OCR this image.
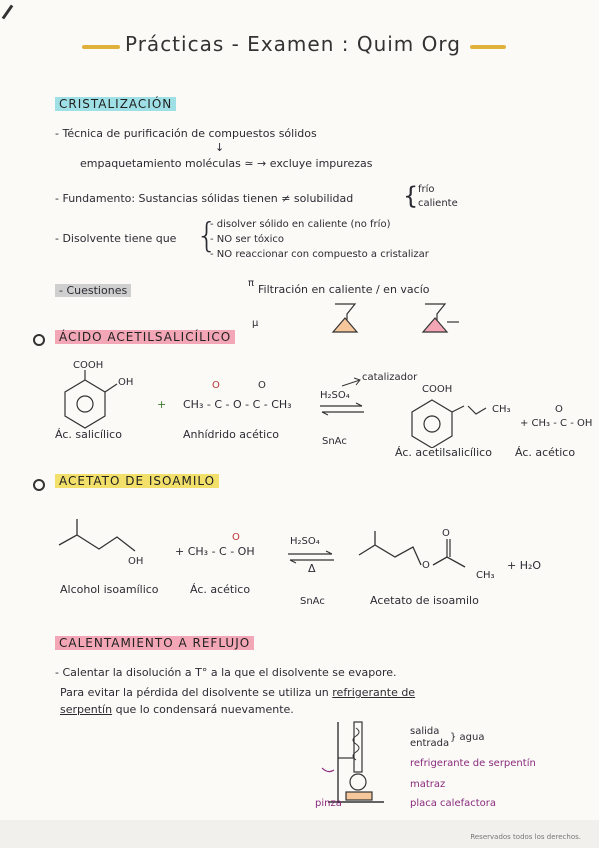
Prácticas - Examen : Quim Org
CRISTALIZACIÓN
- Técnica de purificación de compuestos sólidos
↓
empaquetamiento moléculas ≃ → excluye impurezas
- Fundamento: Sustancias sólidas tienen ≠ solubilidad { frío
caliente
- Disolvente tiene que {
- disolver sólido en caliente (no frío)
- NO ser tóxico
- NO reaccionar con compuesto a cristalizar
- Cuestiones
π Filtración en caliente / en vacío
μ
ÁCIDO ACETILSALICÍLICO
COOH
OH
+
O	O
CH₃ - C - O - C - CH₃
catalizador
H₂SO₄
COOH
CH₃	O
+ CH₃ - C - OH
Ác. salicílico	Anhídrido acético
SnAc
Ác. acetilsalicílico Ác. acético
ACETATO DE ISOAMILO
OH
O
+ CH₃ - C - OH
H₂SO₄
Δ
O
O
CH₃
+ H₂O
Alcohol isoamílico	Ác. acético
SnAc	Acetato de isoamilo
CALENTAMIENTO A REFLUJO
- Calentar la disolución a T° a la que el disolvente se evapore.
Para evitar la pérdida del disolvente se utiliza un refrigerante de
serpentín que lo condensará nuevamente.
salida
entrada
} agua
refrigerante de serpentín
matraz
placa calefactora
pinza
Reservados todos los derechos.
